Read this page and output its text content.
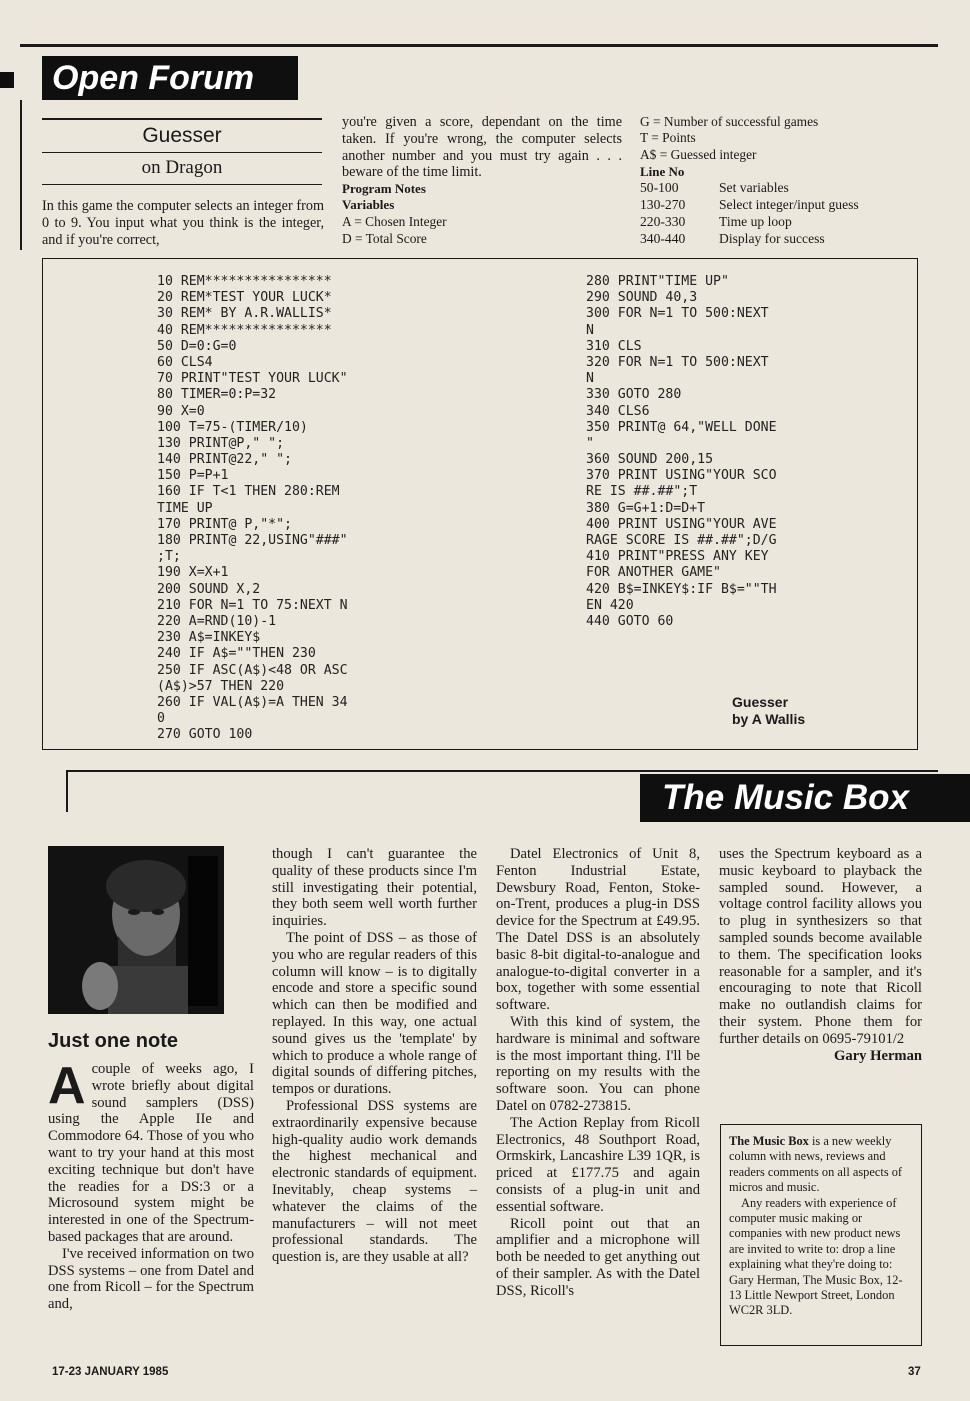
Open Forum
Guesser
on Dragon
In this game the computer selects an integer from 0 to 9. You input what you think is the integer, and if you're correct,
you're given a score, dependant on the time taken. If you're wrong, the computer selects another number and you must try again . . . beware of the time limit.
Program Notes
Variables
A = Chosen Integer
D = Total Score
G = Number of successful games
T = Points
A$ = Guessed integer
Line No
50-100	Set variables
130-270 Select integer/input guess
220-330 Time up loop
340-440 Display for success
10 REM****************
20 REM*TEST YOUR LUCK*
30 REM* BY A.R.WALLIS*
40 REM****************
50 D=0:G=0
60 CLS4
70 PRINT"TEST YOUR LUCK"
80 TIMER=0:P=32
90 X=0
100 T=75-(TIMER/10)
130 PRINT@P," ";
140 PRINT@22," ";
150 P=P+1
160 IF T<1 THEN 280:REM
TIME UP
170 PRINT@ P,"*";
180 PRINT@ 22,USING"###"
;T;
190 X=X+1
200 SOUND X,2
210 FOR N=1 TO 75:NEXT N
220 A=RND(10)-1
230 A$=INKEY$
240 IF A$=""THEN 230
250 IF ASC(A$)<48 OR ASC
(A$)>57 THEN 220
260 IF VAL(A$)=A THEN 34
0
270 GOTO 100
280 PRINT"TIME UP"
290 SOUND 40,3
300 FOR N=1 TO 500:NEXT
N
310 CLS
320 FOR N=1 TO 500:NEXT
N
330 GOTO 280
340 CLS6
350 PRINT@ 64,"WELL DONE
"
360 SOUND 200,15
370 PRINT USING"YOUR SCO
RE IS ##.##";T
380 G=G+1:D=D+T
400 PRINT USING"YOUR AVE
RAGE SCORE IS ##.##";D/G
410 PRINT"PRESS ANY KEY
FOR ANOTHER GAME"
420 B$=INKEY$:IF B$=""TH
EN 420
440 GOTO 60
Guesser
by A Wallis
The Music Box
Just one note

Acouple of weeks ago, I wrote briefly about digital sound samplers (DSS) using the Apple IIe and Commodore 64. Those of you who want to try your hand at this most exciting technique but don't have the readies for a DS:3 or a Microsound system might be interested in one of the Spectrum-based packages that are around.

I've received information on two DSS systems – one from Datel and one from Ricoll – for the Spectrum and,

though I can't guarantee the quality of these products since I'm still investigating their potential, they both seem well worth further inquiries.

The point of DSS – as those of you who are regular readers of this column will know – is to digitally encode and store a specific sound which can then be modified and replayed. In this way, one actual sound gives us the 'template' by which to produce a whole range of digital sounds of differing pitches, tempos or durations.

Professional DSS systems are extraordinarily expensive because high-quality audio work demands the highest mechanical and electronic standards of equipment. Inevitably, cheap systems – whatever the claims of the manufacturers – will not meet professional standards. The question is, are they usable at all?

Datel Electronics of Unit 8, Fenton Industrial Estate, Dewsbury Road, Fenton, Stoke-on-Trent, produces a plug-in DSS device for the Spectrum at £49.95. The Datel DSS is an absolutely basic 8-bit digital-to-analogue and analogue-to-digital converter in a box, together with some essential software.

With this kind of system, the hardware is minimal and software is the most important thing. I'll be reporting on my results with the software soon. You can phone Datel on 0782-273815.

The Action Replay from Ricoll Electronics, 48 Southport Road, Ormskirk, Lancashire L39 1QR, is priced at £177.75 and again consists of a plug-in unit and essential software.

Ricoll point out that an amplifier and a microphone will both be needed to get anything out of their sampler. As with the Datel DSS, Ricoll's

uses the Spectrum keyboard as a music keyboard to playback the sampled sound. However, a voltage control facility allows you to plug in synthesizers so that sampled sounds become available to them. The specification looks reasonable for a sampler, and it's encouraging to note that Ricoll make no outlandish claims for their system. Phone them for further details on 0695-79101/2

Gary Herman

The Music Box is a new weekly column with news, reviews and readers comments on all aspects of micros and music.

Any readers with experience of computer music making or companies with new product news are invited to write to: drop a line explaining what they're doing to: Gary Herman, The Music Box, 12-13 Little Newport Street, London WC2R 3LD.

17-23 JANUARY 1985	37
